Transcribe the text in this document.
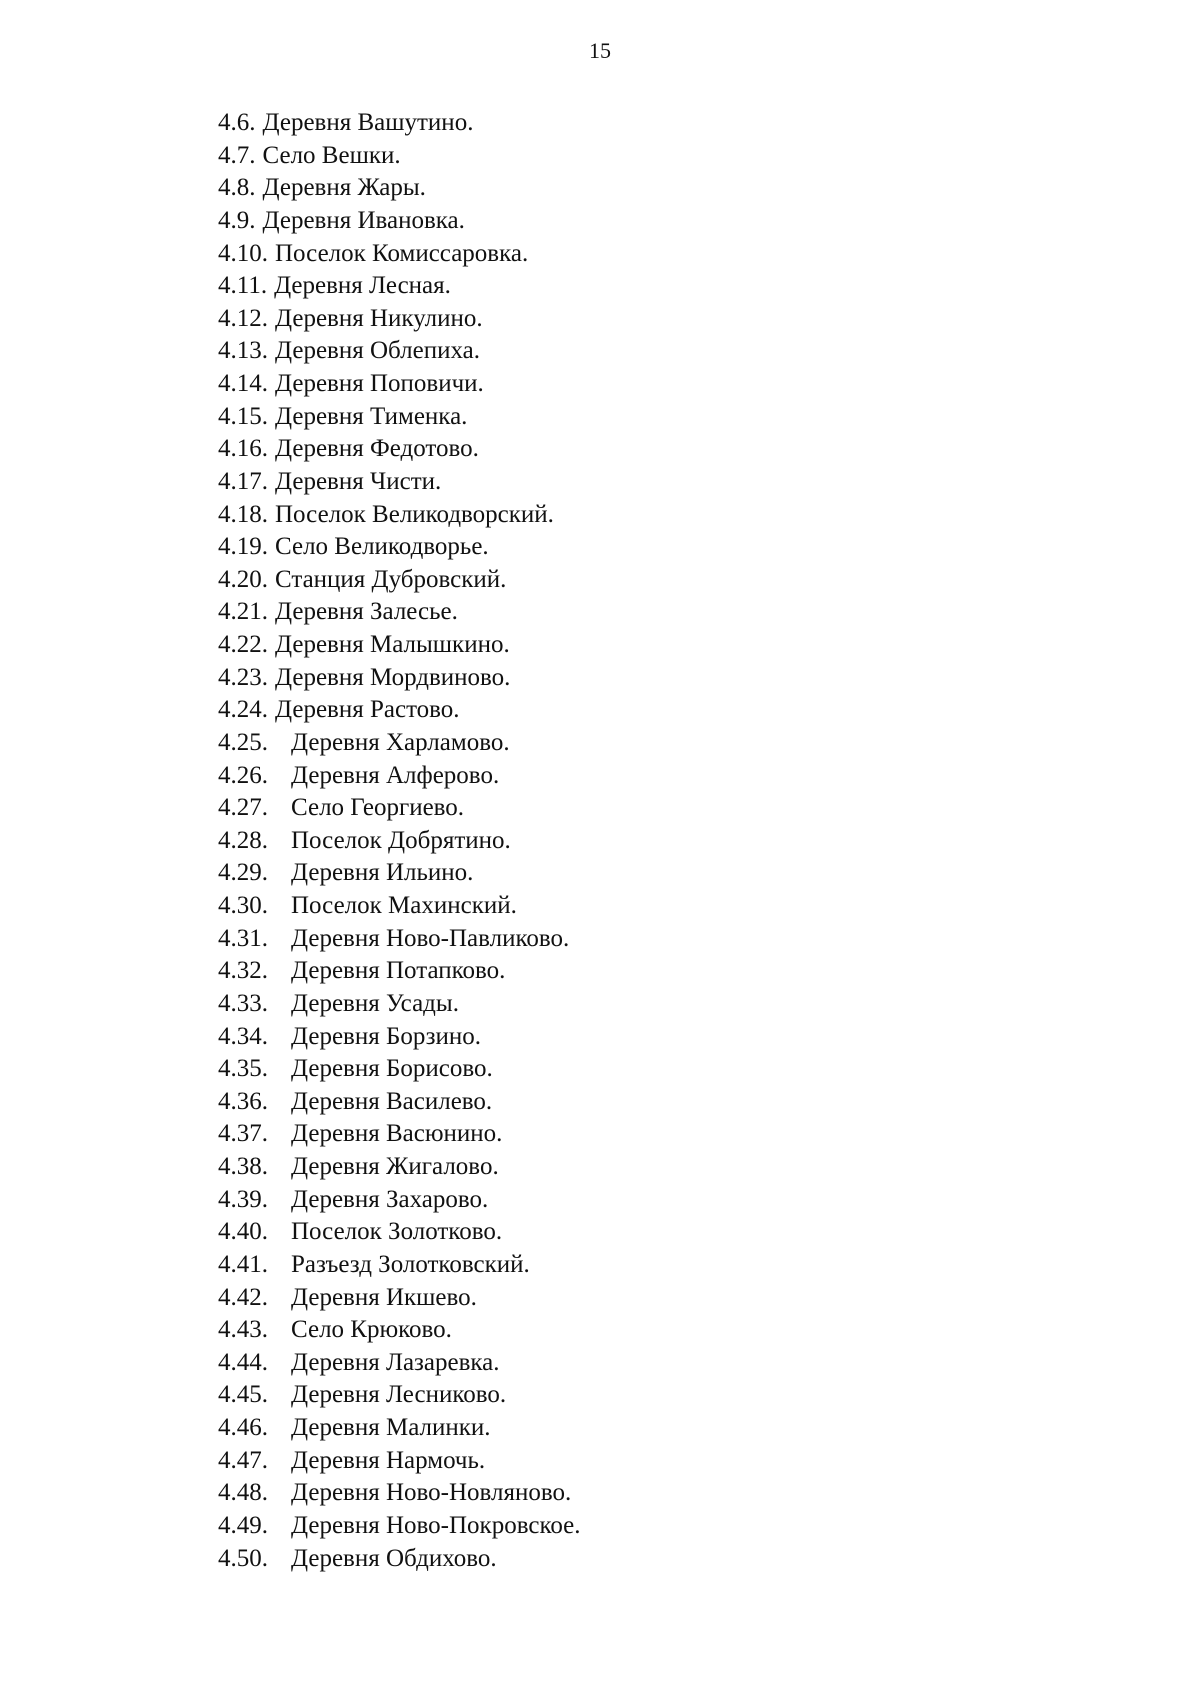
15
4.6. Деревня Вашутино.
4.7. Село Вешки.
4.8. Деревня Жары.
4.9. Деревня Ивановка.
4.10. Поселок Комиссаровка.
4.11. Деревня Лесная.
4.12. Деревня Никулино.
4.13. Деревня Облепиха.
4.14. Деревня Поповичи.
4.15. Деревня Тименка.
4.16. Деревня Федотово.
4.17. Деревня Чисти.
4.18. Поселок Великодворский.
4.19. Село Великодворье.
4.20. Станция Дубровский.
4.21. Деревня Залесье.
4.22. Деревня Малышкино.
4.23. Деревня Мордвиново.
4.24. Деревня Растово.
4.25. Деревня Харламово.
4.26. Деревня Алферово.
4.27. Село Георгиево.
4.28. Поселок Добрятино.
4.29. Деревня Ильино.
4.30. Поселок Махинский.
4.31. Деревня Ново-Павликово.
4.32. Деревня Потапково.
4.33. Деревня Усады.
4.34. Деревня Борзино.
4.35. Деревня Борисово.
4.36. Деревня Василево.
4.37. Деревня Васюнино.
4.38. Деревня Жигалово.
4.39. Деревня Захарово.
4.40. Поселок Золотково.
4.41. Разъезд Золотковский.
4.42. Деревня Икшево.
4.43. Село Крюково.
4.44. Деревня Лазаревка.
4.45. Деревня Лесниково.
4.46. Деревня Малинки.
4.47. Деревня Нармочь.
4.48. Деревня Ново-Новляново.
4.49. Деревня Ново-Покровское.
4.50. Деревня Обдихово.
